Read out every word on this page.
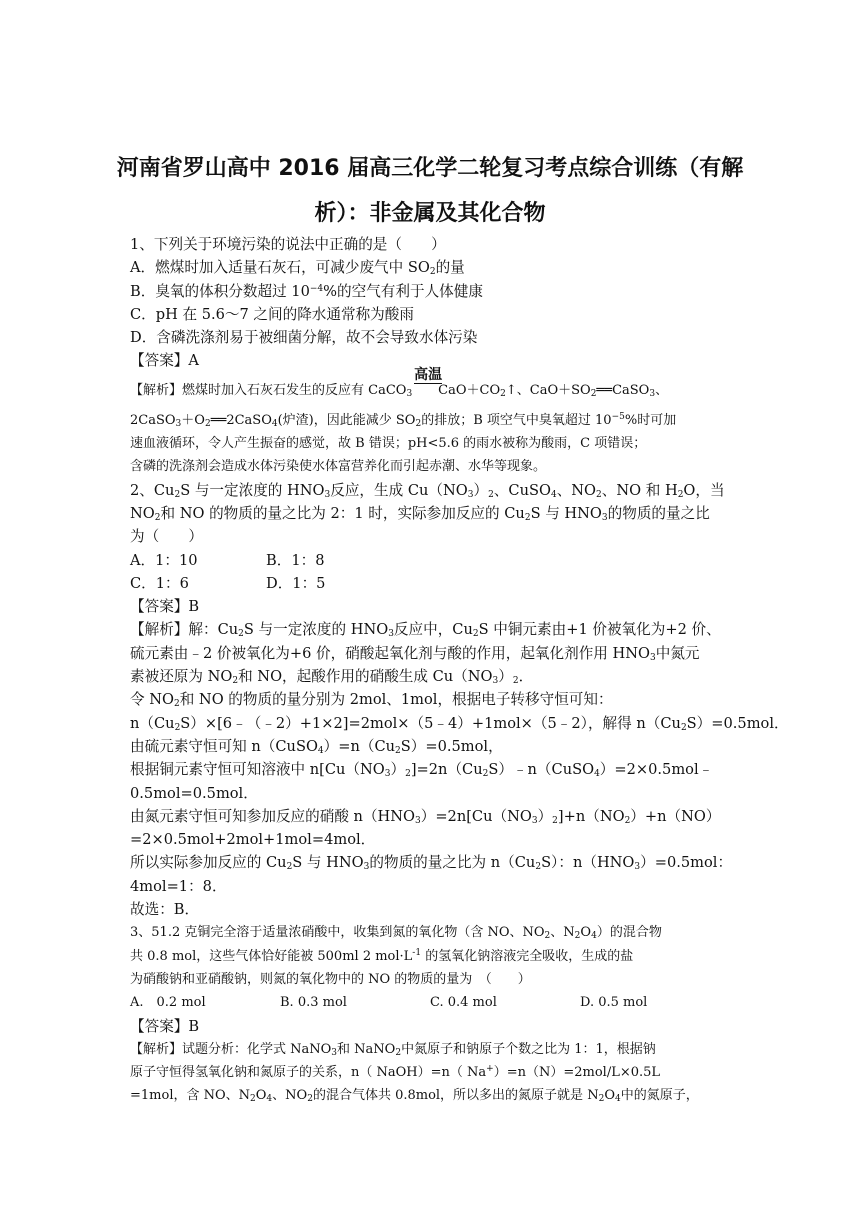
河南省罗山高中 2016 届高三化学二轮复习考点综合训练（有解
析）：非金属及其化合物
1、下列关于环境污染的说法中正确的是（　　）
A．燃煤时加入适量石灰石，可减少废气中 $SO_2$的量
B．臭氧的体积分数超过 $10^{-4}\%$的空气有利于人体健康
C．pH 在 5.6～7 之间的降水通常称为酸雨
D．含磷洗涤剂易于被细菌分解，故不会导致水体污染
【答案】A
【解析】燃煤时加入石灰石发生的反应有 CaCO$_3$
高温
  $CaO+CO_2↑$、$CaO+SO_2══CaSO_3$、
$2CaSO_3+O_2══2CaSO_4$(炉渣)，因此能减少 $SO_2$的排放；B 项空气中臭氧超过 $10^{-5}\%$时可加
速血液循环，令人产生振奋的感觉，故 B 错误；pH<5.6 的雨水被称为酸雨，C 项错误；
含磷的洗涤剂会造成水体污染使水体富营养化而引起赤潮、水华等现象。
2、$Cu_2S$ 与一定浓度的 $HNO_3$反应，生成 $Cu(NO_3)_2$、CuSO$_4$、$NO_2$、NO 和 $H_2O$，当
$NO_2$和 NO 的物质的量之比为 2：1 时，实际参加反应的 $Cu_2S$ 与 $HNO_3$的物质的量之比
为（　　）
A．1：10	B．1：8
C．1：6	D．1：5
【答案】B
【解析】解：$Cu_2S$ 与一定浓度的 $HNO_3$反应中，$Cu_2S$ 中铜元素由+1 价被氧化为+2 价、
硫元素由﹣2 价被氧化为+6 价，硝酸起氧化剂与酸的作用，起氧化剂作用 $HNO_3$中氮元
素被还原为 $NO_2$和 NO，起酸作用的硝酸生成 $Cu(NO_3)_2$．
令 $NO_2$和 NO 的物质的量分别为 2mol、1mol，根据电子转移守恒可知：
$n(Cu_2S)\times[6﹣(﹣2)+1\times 2]=2mol\times(5﹣4)+1mol\times(5﹣2)$，解得 $n(Cu_2S)=0.5mol$．
由硫元素守恒可知 $n(CuSO_4)=n(Cu_2S)=0.5mol$，
根据铜元素守恒可知溶液中 $n[Cu(NO_3)_2]=2n(Cu_2S)﹣n(CuSO_4)=2\times 0.5mol﹣$
0.5mol=0.5mol．
由氮元素守恒可知参加反应的硝酸 $n(HNO_3)=2n[Cu(NO_3)_2]+n(NO_2)+n(NO)$
=2×0.5mol+2mol+1mol=4mol．
所以实际参加反应的 $Cu_2S$ 与 $HNO_3$的物质的量之比为 $n(Cu_2S)$：$n(HNO_3)=0.5mol$：
4mol=1：8．
故选：B．
3、51.2 克铜完全溶于适量浓硝酸中，收集到氮的氧化物（含 NO、$NO_2$、$N_2O_4$）的混合物
共 0.8 mol，这些气体恰好能被 500ml 2 $mol\cdot L^{-1}$ 的氢氧化钠溶液完全吸收，生成的盐
为硝酸钠和亚硝酸钠，则氮的氧化物中的 NO 的物质的量为　（　　）
A.　0.2 mol	B. 0.3 mol	C. 0.4 mol	D. 0.5 mol
【答案】B
【解析】试题分析：化学式 NaNO$_3$和 NaNO$_2$中氮原子和钠原子个数之比为 1：1，根据钠
原子守恒得氢氧化钠和氮原子的关系，n（ NaOH）=n（ Na+）=n（N）=2mol/L×0.5L
=1mol，含 NO、$N_2O_4$、$NO_2$的混合气体共 0.8mol，所以多出的氮原子就是 $N_2O_4$中的氮原子，
